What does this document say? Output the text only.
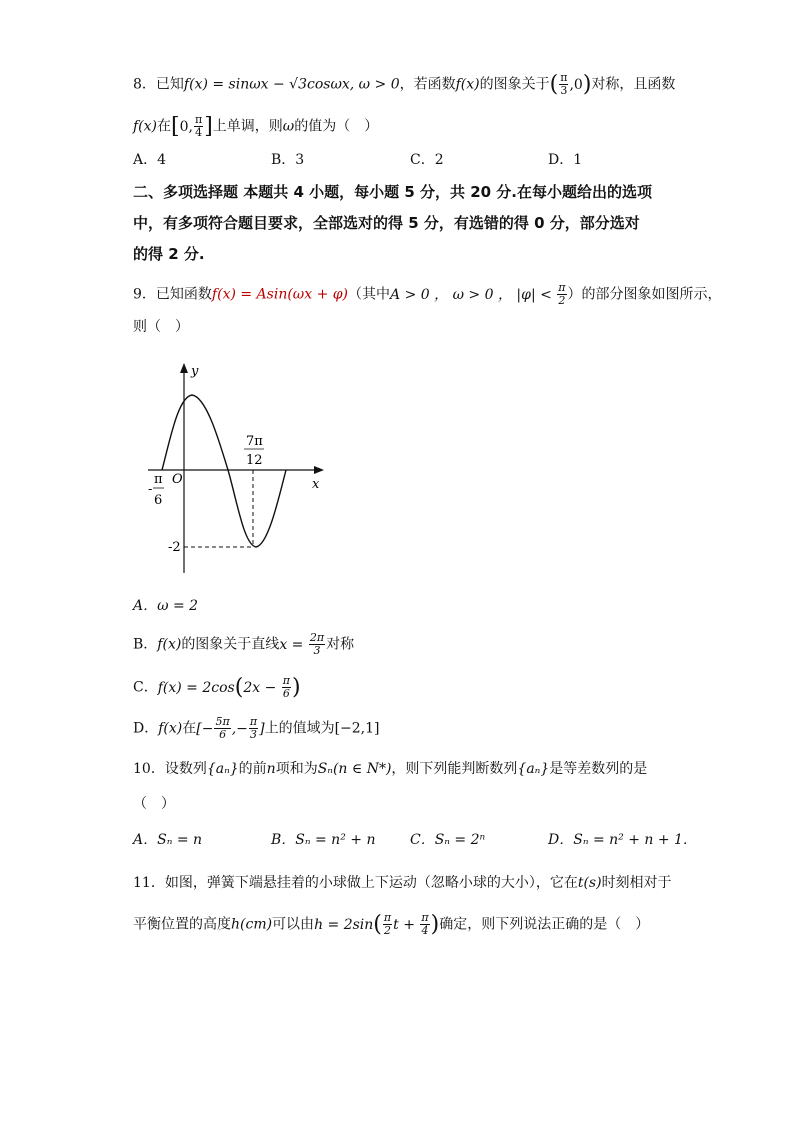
8．已知f(x) = sinωx − √3cosωx, ω > 0，若函数f(x)的图象关于( $\frac{\pi}{3} ,0$)对称，且函数
f(x)在[0, $\frac{\pi}{4}$ ]上单调，则ω的值为（　）
A．4	B．3	C．2	D．1
二、多项选择题 本题共 4 小题，每小题 5 分，共 20 分.在每小题给出的选项
中，有多项符合题目要求，全部选对的得 5 分，有选错的得 0 分，部分选对
的得 2 分.
9．已知函数f(x) = Asin(ωx + φ)（其中A > 0 ， ω > 0 ， $|\varphi| < \frac{\pi}{2}$ ）的部分图象如图所示，
则（　）
y
x
O
-
π
6
7π
12
-2
A．ω = 2
B．f(x)的图象关于直线$x = \frac{2\pi}{3}$ 对称
C．$f(x) = 2\cos(2x - \frac{\pi}{6}$ )
D．f(x)在[− $\frac{5\pi}{6}$ ,− $\frac{\pi}{3}$ ]上的值域为[−2,1]
10．设数列{aₙ}的前n项和为Sₙ(n ∈ N*)，则下列能判断数列{aₙ}是等差数列的是
（　）
A．Sₙ = n	B．Sₙ = n² + n C．Sₙ = 2ⁿ	D．Sₙ = n² + n + 1．
11．如图，弹簧下端悬挂着的小球做上下运动（忽略小球的大小），它在t(s)时刻相对于
平衡位置的高度h(cm)可以由$h = 2\sin( \frac{\pi}{2}$ $t + \frac{\pi}{4}$ )确定，则下列说法正确的是（　）
